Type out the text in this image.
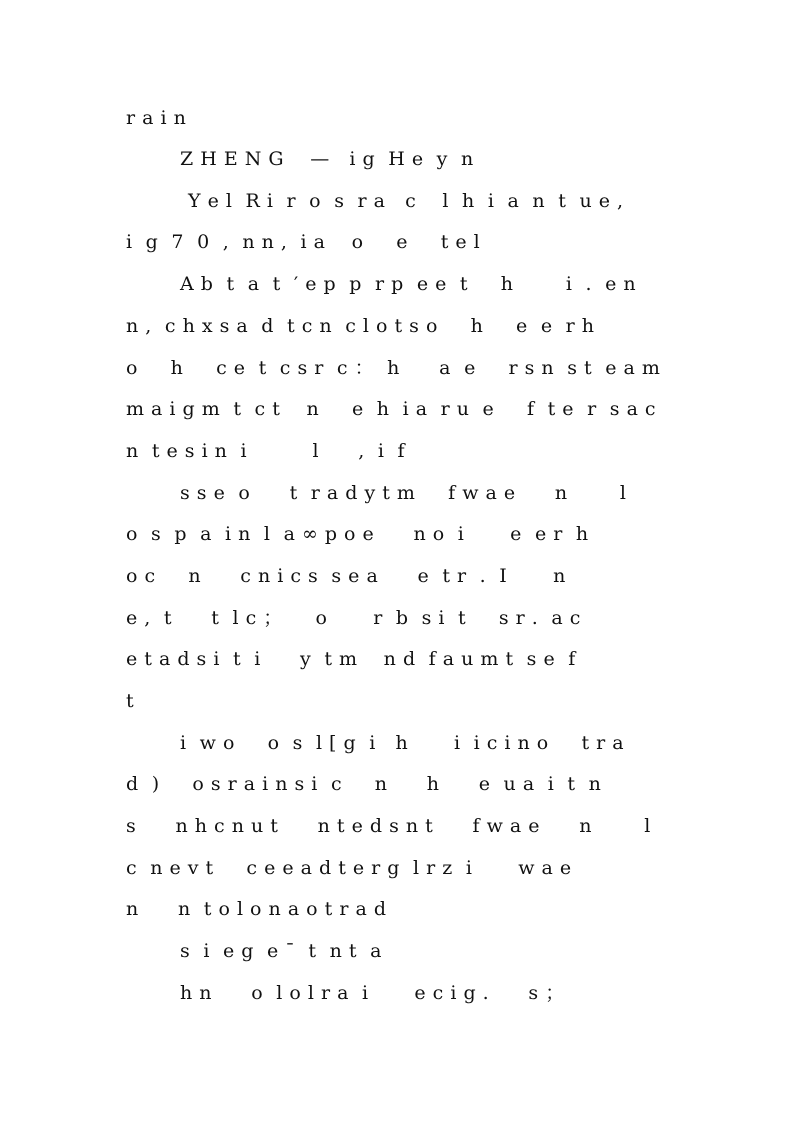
r a i n
Z H E N G    —   i g  H e  y  n
Y e l  R i  r  o  s  r a   c    l  h  i  a  n  t  u e ,
i  g  7  0  ,  n n ,  i a    o     e     t e l
A b  t  a  t  ′ e p  p  r p  e e  t     h        i  .  e n
n ,  c h x s a  d  t c n  c l o t s o     h     e  e  r h
o     h     c e  t  c s r  c ：  h      a  e     r s n  s t  e a m
m a i g m  t  c t    n     e  h  i a  r u  e     f  t e  r  s a c
n  t e s i n  i          l      ,  i  f
s s e  o      t  r a d y t m     f w a e      n        l
o  s  p  a  i n  l  a ∞ p o e      n o  i       e  e r  h
o c     n      c n i c s  s e a      e  t r  .  I       n
e ,  t      t  l c ；     o       r  b  s i  t     s r .  a c
e t a d s i  t  i      y  t m    n d  f a u m t  s e  f
t
i  w o     o  s  l [ g  i   h       i  i c i n o     t r a
d  )     o s r a i n s i  c     n      h      e  u a  i  t  n
s      n h c n u t      n t e d s n t      f w a e      n        l
c  n e v t     c e e a d t e r g  l r z  i       w a e
n      n  t o l o n a o t r a d
s  i  e g  e ¯  t  n t  a
h n      o  l o l r a  i       e c i g .      s ；
